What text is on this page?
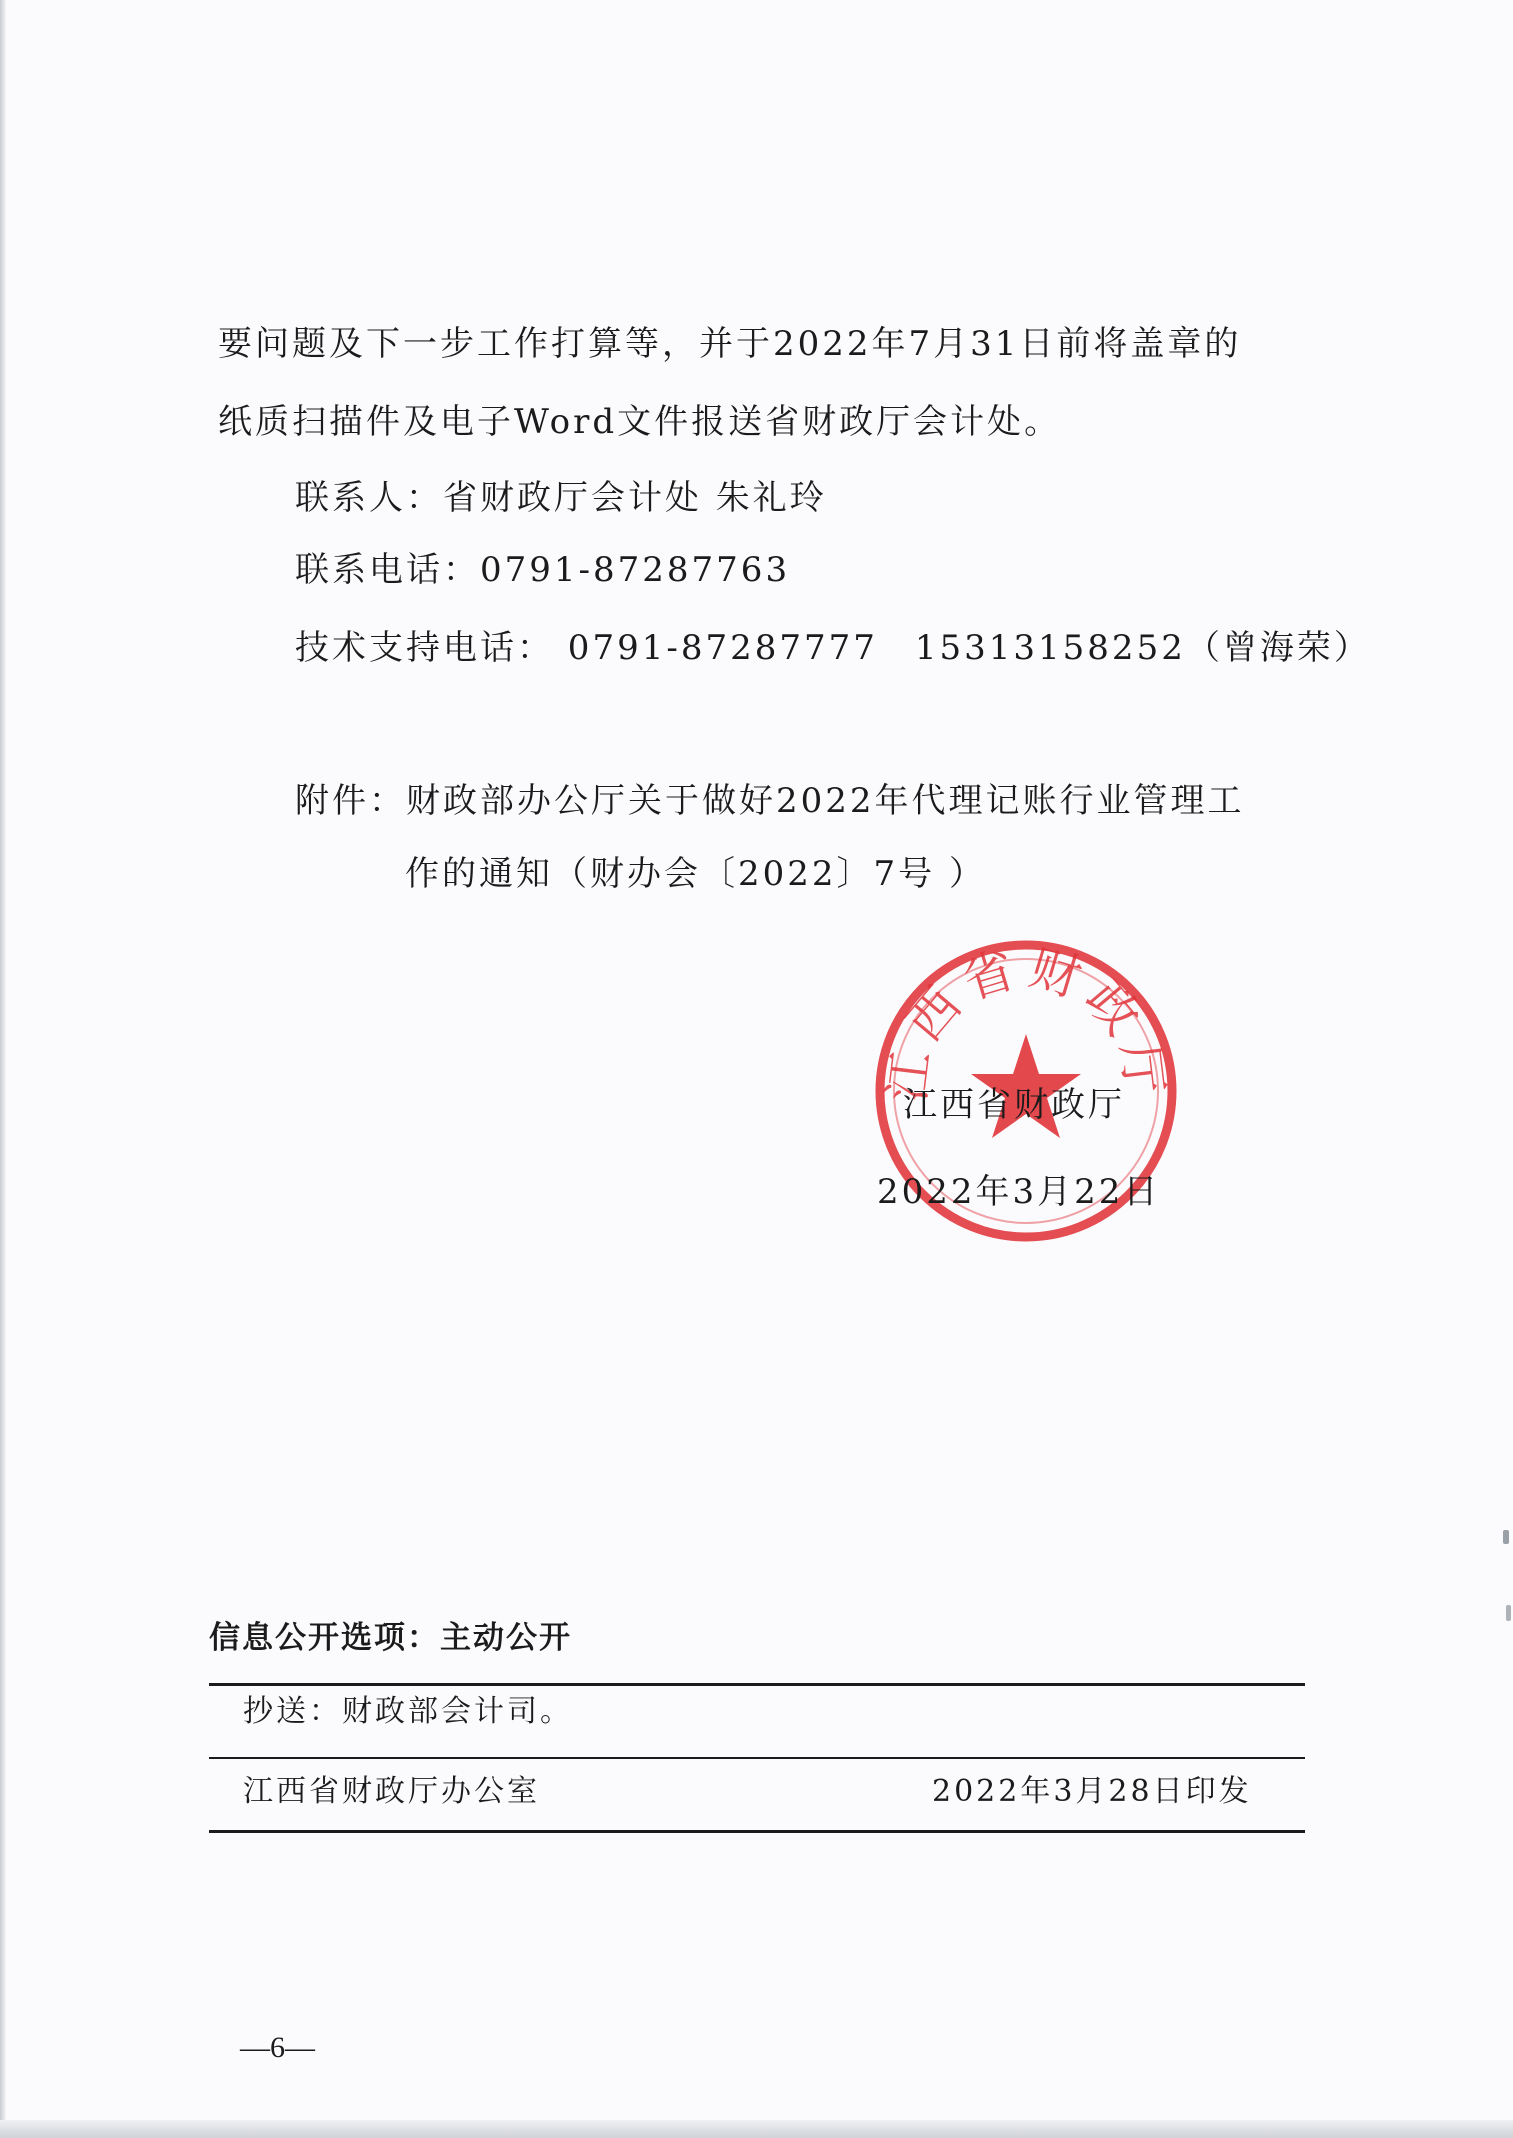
要问题及下一步工作打算等，并于2022年7月31日前将盖章的
纸质扫描件及电子Word文件报送省财政厅会计处。
联系人：省财政厅会计处 朱礼玲
联系电话：0791-87287763
技术支持电话： 0791-87287777　15313158252（曾海荣）
附件：财政部办公厅关于做好2022年代理记账行业管理工
作的通知（财办会〔2022〕7号 ）
江西省财政厅
江西省财政厅
2022年3月22日
信息公开选项：主动公开
抄送：财政部会计司。
江西省财政厅办公室	2022年3月28日印发
—6—
